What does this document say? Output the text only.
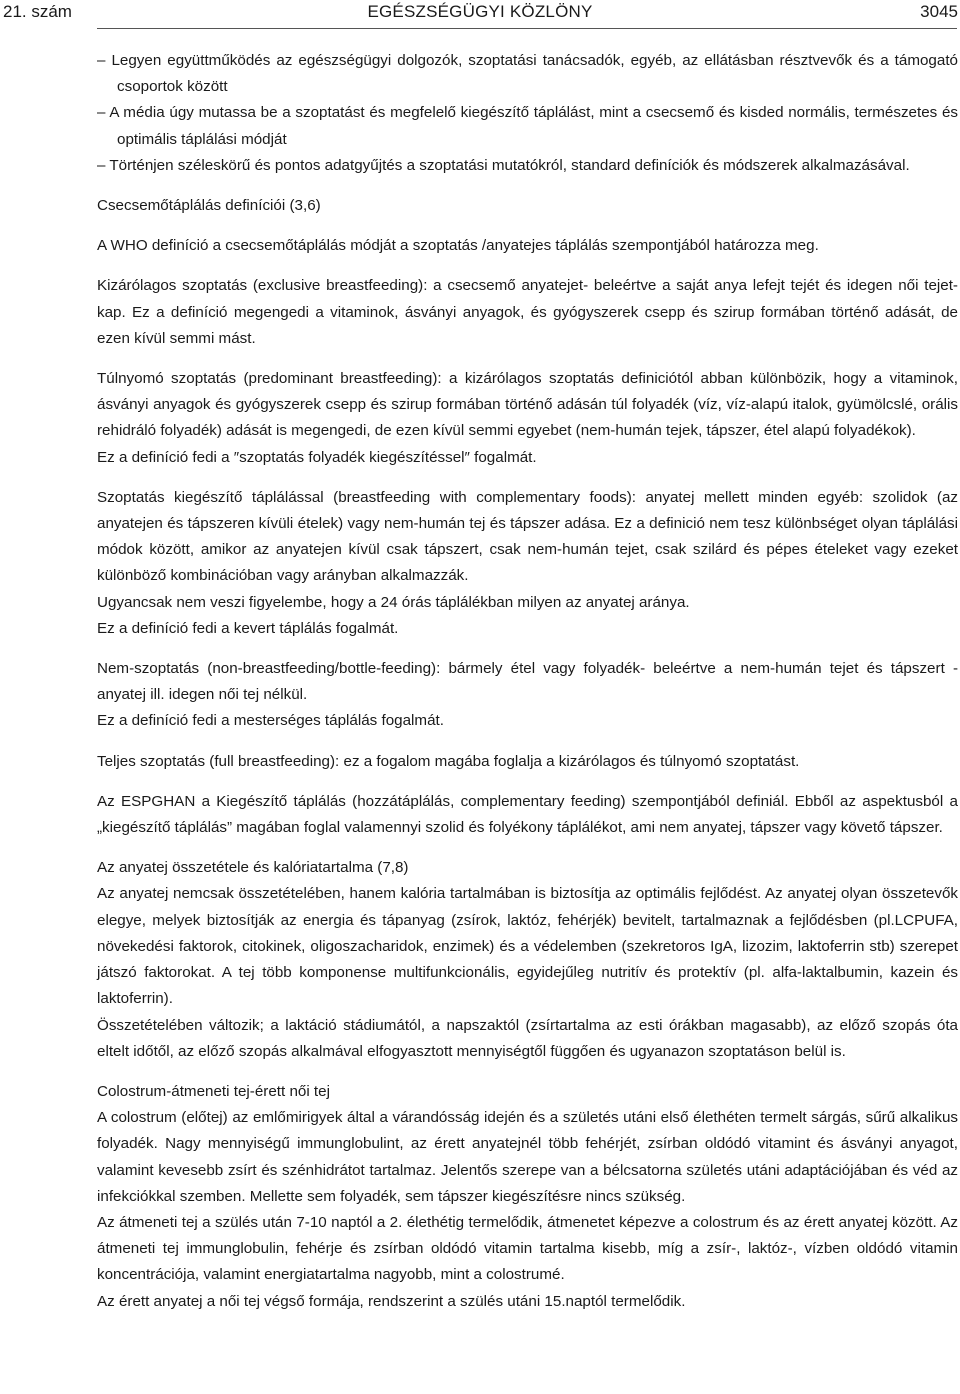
21. szám	EGÉSZSÉGÜGYI KÖZLÖNY	3045

– Legyen együttműködés az egészségügyi dolgozók, szoptatási tanácsadók, egyéb, az ellátásban résztvevők és a támogató csoportok között

– A média úgy mutassa be a szoptatást és megfelelő kiegészítő táplálást, mint a csecsemő és kisded normális, természetes és optimális táplálási módját

– Történjen széleskörű és pontos adatgyűjtés a szoptatási mutatókról, standard definíciók és módszerek alkalmazásával.

Csecsemőtáplálás definíciói (3,6)

A WHO definíció a csecsemőtáplálás módját a szoptatás /anyatejes táplálás szempontjából határozza meg.

Kizárólagos szoptatás (exclusive breastfeeding): a csecsemő anyatejet- beleértve a saját anya lefejt tejét és idegen női tejet- kap. Ez a definíció megengedi a vitaminok, ásványi anyagok, és gyógyszerek csepp és szirup formában történő adását, de ezen kívül semmi mást.

Túlnyomó szoptatás (predominant breastfeeding): a kizárólagos szoptatás definiciótól abban különbözik, hogy a vitaminok, ásványi anyagok és gyógyszerek csepp és szirup formában történő adásán túl folyadék (víz, víz-alapú italok, gyümölcslé, orális rehidráló folyadék) adását is megengedi, de ezen kívül semmi egyebet (nem-humán tejek, tápszer, étel alapú folyadékok).

Ez a definíció fedi a ″szoptatás folyadék kiegészítéssel″ fogalmát.

Szoptatás kiegészítő táplálással (breastfeeding with complementary foods): anyatej mellett minden egyéb: szolidok (az anyatejen és tápszeren kívüli ételek) vagy nem-humán tej és tápszer adása. Ez a definició nem tesz különbséget olyan táplálási módok között, amikor az anyatejen kívül csak tápszert, csak nem-humán tejet, csak szilárd és pépes ételeket vagy ezeket különböző kombinációban vagy arányban alkalmazzák.

Ugyancsak nem veszi figyelembe, hogy a 24 órás táplálékban milyen az anyatej aránya.

Ez a definíció fedi a kevert táplálás fogalmát.

Nem-szoptatás (non-breastfeeding/bottle-feeding): bármely étel vagy folyadék- beleértve a nem-humán tejet és tápszert - anyatej ill. idegen női tej nélkül.

Ez a definíció fedi a mesterséges táplálás fogalmát.

Teljes szoptatás (full breastfeeding): ez a fogalom magába foglalja a kizárólagos és túlnyomó szoptatást.

Az ESPGHAN a Kiegészítő táplálás (hozzátáplálás, complementary feeding) szempontjából definiál. Ebből az aspektusból a „kiegészítő táplálás” magában foglal valamennyi szolid és folyékony táplálékot, ami nem anyatej, tápszer vagy követő tápszer.

Az anyatej összetétele és kalóriatartalma (7,8)

Az anyatej nemcsak összetételében, hanem kalória tartalmában is biztosítja az optimális fejlődést. Az anyatej olyan összetevők elegye, melyek biztosítják az energia és tápanyag (zsírok, laktóz, fehérjék) bevitelt, tartalmaznak a fejlődésben (pl.LCPUFA, növekedési faktorok, citokinek, oligoszacharidok, enzimek) és a védelemben (szekretoros IgA, lizozim, laktoferrin stb) szerepet játszó faktorokat. A tej több komponense multifunkcionális, egyidejűleg nutritív és protektív (pl. alfa-laktalbumin, kazein és laktoferrin).

Összetételében változik; a laktáció stádiumától, a napszaktól (zsírtartalma az esti órákban magasabb), az előző szopás óta eltelt időtől, az előző szopás alkalmával elfogyasztott mennyiségtől függően és ugyanazon szoptatáson belül is.

Colostrum-átmeneti tej-érett női tej

A colostrum (előtej) az emlőmirigyek által a várandósság idején és a születés utáni első élethéten termelt sárgás, sűrű alkalikus folyadék. Nagy mennyiségű immunglobulint, az érett anyatejnél több fehérjét, zsírban oldódó vitamint és ásványi anyagot, valamint kevesebb zsírt és szénhidrátot tartalmaz. Jelentős szerepe van a bélcsatorna születés utáni adaptációjában és véd az infekciókkal szemben. Mellette sem folyadék, sem tápszer kiegészítésre nincs szükség.

Az átmeneti tej a szülés után 7-10 naptól a 2. élethétig termelődik, átmenetet képezve a colostrum és az érett anyatej között. Az átmeneti tej immunglobulin, fehérje és zsírban oldódó vitamin tartalma kisebb, míg a zsír-, laktóz-, vízben oldódó vitamin koncentrációja, valamint energiatartalma nagyobb, mint a colostrumé.

Az érett anyatej a női tej végső formája, rendszerint a szülés utáni 15.naptól termelődik.
